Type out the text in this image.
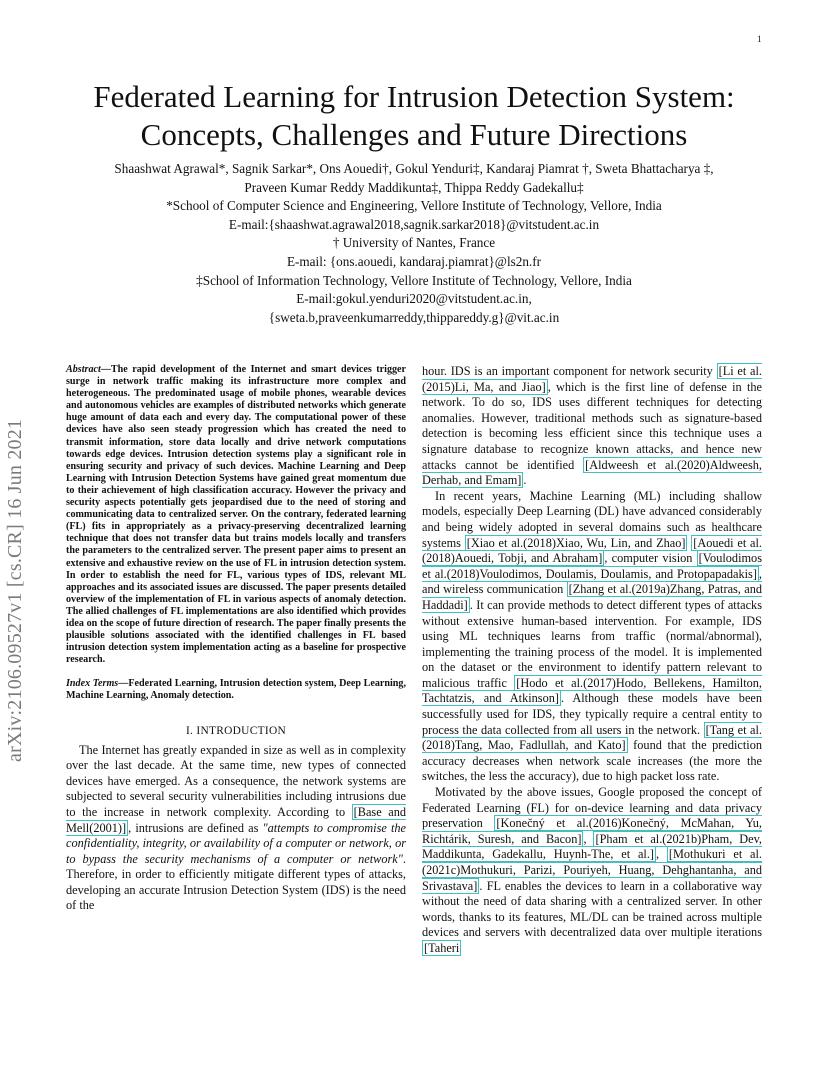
1
arXiv:2106.09527v1 [cs.CR] 16 Jun 2021
Federated Learning for Intrusion Detection System:
Concepts, Challenges and Future Directions
Shaashwat Agrawal*, Sagnik Sarkar*, Ons Aouedi†, Gokul Yenduri‡, Kandaraj Piamrat †, Sweta Bhattacharya ‡,
Praveen Kumar Reddy Maddikunta‡, Thippa Reddy Gadekallu‡
*School of Computer Science and Engineering, Vellore Institute of Technology, Vellore, India
E-mail:{shaashwat.agrawal2018,sagnik.sarkar2018}@vitstudent.ac.in
† University of Nantes, France
E-mail: {ons.aouedi, kandaraj.piamrat}@ls2n.fr
‡School of Information Technology, Vellore Institute of Technology, Vellore, India
E-mail:gokul.yenduri2020@vitstudent.ac.in,
{sweta.b,praveenkumarreddy,thippareddy.g}@vit.ac.in

Abstract—The rapid development of the Internet and smart devices trigger surge in network traffic making its infrastructure more complex and heterogeneous. The predominated usage of mobile phones, wearable devices and autonomous vehicles are examples of distributed networks which generate huge amount of data each and every day. The computational power of these devices have also seen steady progression which has created the need to transmit information, store data locally and drive network computations towards edge devices. Intrusion detection systems play a significant role in ensuring security and privacy of such devices. Machine Learning and Deep Learning with Intrusion Detection Systems have gained great momentum due to their achievement of high classification accuracy. However the privacy and security aspects potentially gets jeopardised due to the need of storing and communicating data to centralized server. On the contrary, federated learning (FL) fits in appropriately as a privacy-preserving decentralized learning technique that does not transfer data but trains models locally and transfers the parameters to the centralized server. The present paper aims to present an extensive and exhaustive review on the use of FL in intrusion detection system. In order to establish the need for FL, various types of IDS, relevant ML approaches and its associated issues are discussed. The paper presents detailed overview of the implementation of FL in various aspects of anomaly detection. The allied challenges of FL implementations are also identified which provides idea on the scope of future direction of research. The paper finally presents the plausible solutions associated with the identified challenges in FL based intrusion detection system implementation acting as a baseline for prospective research.

Index Terms—Federated Learning, Intrusion detection system, Deep Learning, Machine Learning, Anomaly detection.

I. INTRODUCTION

The Internet has greatly expanded in size as well as in complexity over the last decade. At the same time, new types of connected devices have emerged. As a consequence, the network systems are subjected to several security vulnerabilities including intrusions due to the increase in network complexity. According to [Base and Mell(2001)] , intrusions are defined as "attempts to compromise the confidentiality, integrity, or availability of a computer or network, or to bypass the security mechanisms of a computer or network". Therefore, in order to efficiently mitigate different types of attacks, developing an accurate Intrusion Detection System (IDS) is the need of the

hour. IDS is an important component for network security [Li et al.(2015)Li, Ma, and Jiao] , which is the first line of defense in the network. To do so, IDS uses different techniques for detecting anomalies. However, traditional methods such as signature-based detection is becoming less efficient since this technique uses a signature database to recognize known attacks, and hence new attacks cannot be identified [Aldweesh et al.(2020)Aldweesh, Derhab, and Emam] .

In recent years, Machine Learning (ML) including shallow models, especially Deep Learning (DL) have advanced considerably and being widely adopted in several domains such as healthcare systems [Xiao et al.(2018)Xiao, Wu, Lin, and Zhao] [Aouedi et al.(2018)Aouedi, Tobji, and Abraham] , computer vision [Voulodimos et al.(2018)Voulodimos, Doulamis, Doulamis, and Protopapadakis] , and wireless communication [Zhang et al.(2019a)Zhang, Patras, and Haddadi] . It can provide methods to detect different types of attacks without extensive human-based intervention. For example, IDS using ML techniques learns from traffic (normal/abnormal), implementing the training process of the model. It is implemented on the dataset or the environment to identify pattern relevant to malicious traffic [Hodo et al.(2017)Hodo, Bellekens, Hamilton, Tachtatzis, and Atkinson] . Although these models have been successfully used for IDS, they typically require a central entity to process the data collected from all users in the network. [Tang et al.(2018)Tang, Mao, Fadlullah, and Kato] found that the prediction accuracy decreases when network scale increases (the more the switches, the less the accuracy), due to high packet loss rate.

Motivated by the above issues, Google proposed the concept of Federated Learning (FL) for on-device learning and data privacy preservation [Konečný et al.(2016)Konečný, McMahan, Yu, Richtárik, Suresh, and Bacon] , [Pham et al.(2021b)Pham, Dev, Maddikunta, Gadekallu, Huynh-The, et al.] , [Mothukuri et al.(2021c)Mothukuri, Parizi, Pouriyeh, Huang, Dehghantanha, and Srivastava] . FL enables the devices to learn in a collaborative way without the need of data sharing with a centralized server. In other words, thanks to its features, ML/DL can be trained across multiple devices and servers with decentralized data over multiple iterations [Taheri
